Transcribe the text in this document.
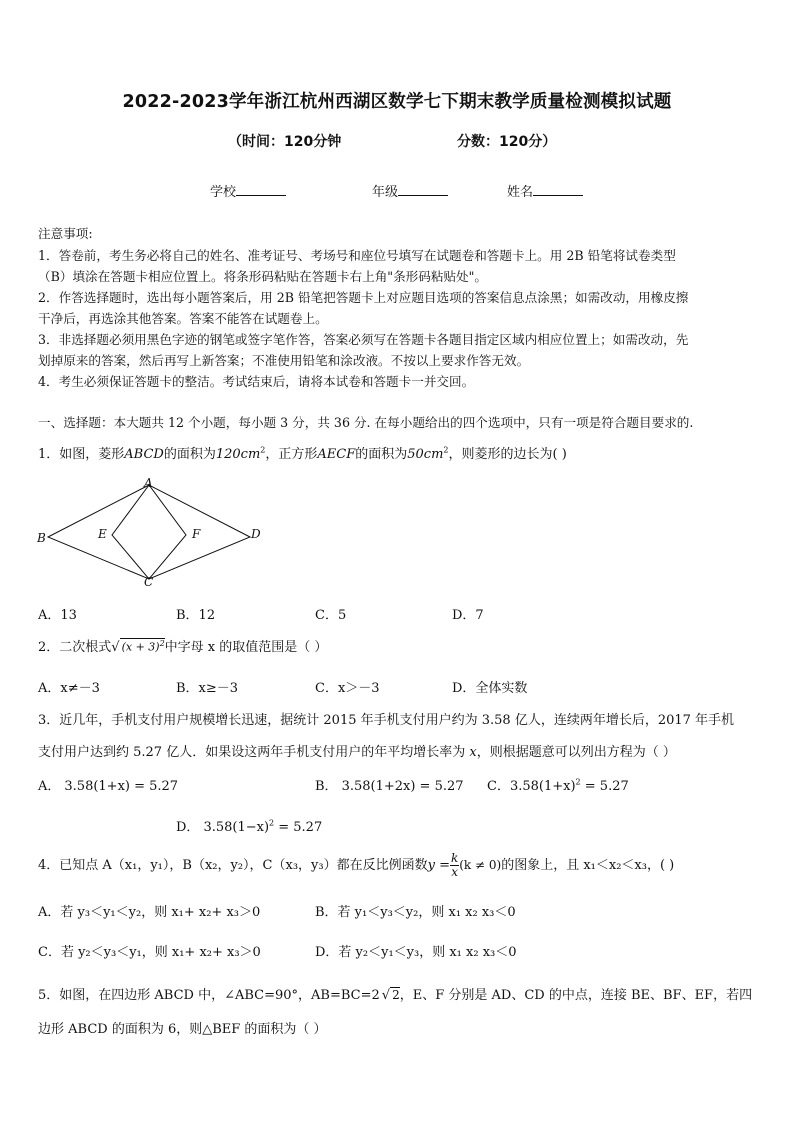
2022-2023学年浙江杭州西湖区数学七下期末教学质量检测模拟试题
（时间：120分钟	分数：120分）
学校	年级	姓名
注意事项:
1．答卷前，考生务必将自己的姓名、准考证号、考场号和座位号填写在试题卷和答题卡上。用 2B 铅笔将试卷类型
（B）填涂在答题卡相应位置上。将条形码粘贴在答题卡右上角"条形码粘贴处"。
2．作答选择题时，选出每小题答案后，用 2B 铅笔把答题卡上对应题目选项的答案信息点涂黑；如需改动，用橡皮擦
干净后，再选涂其他答案。答案不能答在试题卷上。
3．非选择题必须用黑色字迹的钢笔或签字笔作答，答案必须写在答题卡各题目指定区域内相应位置上；如需改动，先
划掉原来的答案，然后再写上新答案；不准使用铅笔和涂改液。不按以上要求作答无效。
4．考生必须保证答题卡的整洁。考试结束后，请将本试卷和答题卡一并交回。
一、选择题：本大题共 12 个小题，每小题 3 分，共 36 分. 在每小题给出的四个选项中，只有一项是符合题目要求的.
1．如图，菱形ABCD的面积为$120cm^2$，正方形AECF的面积为$50cm^2$，则菱形的边长为( )
A
B
C
D
E	F
A．13	B．12	C．5	D．7
2．二次根式√ $(x + 3)^2$中字母 x 的取值范围是（ ）
A．x≠－3	B．x≥－3	C．x＞－3	D．全体实数
3．近几年，手机支付用户规模增长迅速，据统计 2015 年手机支付用户约为 3.58 亿人，连续两年增长后，2017 年手机
支付用户达到约 5.27 亿人．如果设这两年手机支付用户的年平均增长率为 x，则根据题意可以列出方程为（ ）
A． 3.58(1+x) = 5.27	B． 3.58(1+2x) = 5.27 C．$3.58(1+x)^2 = 5.27$
D． $3.58(1-x)^2 = 5.27$
4．已知点 A（x₁，y₁），B（x₂，y₂），C（x₃，y₃）都在反比例函数$y = \frac{k}{x} (k \ne 0)$的图象上，且 x₁＜x₂＜x₃，( )
A．若 y₃＜y₁＜y₂，则 x₁+ x₂+ x₃＞0	B．若 y₁＜y₃＜y₂，则 x₁ x₂ x₃＜0
C．若 y₂＜y₃＜y₁，则 x₁+ x₂+ x₃＞0	D．若 y₂＜y₁＜y₃，则 x₁ x₂ x₃＜0
5．如图，在四边形 ABCD 中，∠ABC=90°，AB=BC=2 √ 2，E、F 分别是 AD、CD 的中点，连接 BE、BF、EF，若四
边形 ABCD 的面积为 6，则△BEF 的面积为（ ）
